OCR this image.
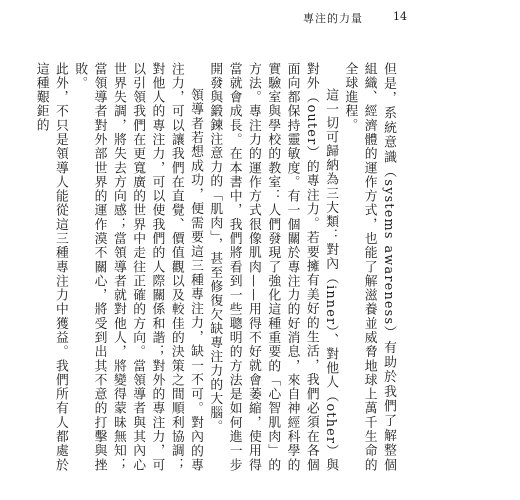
專注的力量	14

但是，系統意識（systems awareness）有助於我們了解整個組織、經濟體的運作方式，也能了解滋養並威脅地球上萬千生命的全球進程。

這一切可歸納為三大類：對內（inner）、對他人（other）與對外（outer）的專注力。若要擁有美好的生活，我們必須在各個面向都保持靈敏度。有一個關於專注力的好消息，來自神經科學的實驗室與學校的教室：人們發現了強化這種重要的「心智肌肉」的方法。專注力的運作方式很像肌肉——用得不好就會萎縮，使用得當就會成長。在本書中，我們將看到一些聰明的方法是如何進一步開發與鍛鍊注意力的「肌肉」，甚至修復欠缺專注力的大腦。

領導者若想成功，便需要這三種專注力，缺一不可。對內的專注力，可以讓我們在直覺、價值觀以及較佳的決策之間順利協調；對他人的專注力，可以使我們的人際關係和諧；對外的專注力，可以引領我們在更寬廣的世界中走往正確的方向。當領導者與其內心世界失調，將失去方向感；當領導者就對他人，將變得蒙昧無知；當領導者對外部世界的運作漠不關心，將受到出其不意的打擊與挫敗。

此外，不只是領導人能從這三種專注力中獲益。我們所有人都處於這種艱鉅的
